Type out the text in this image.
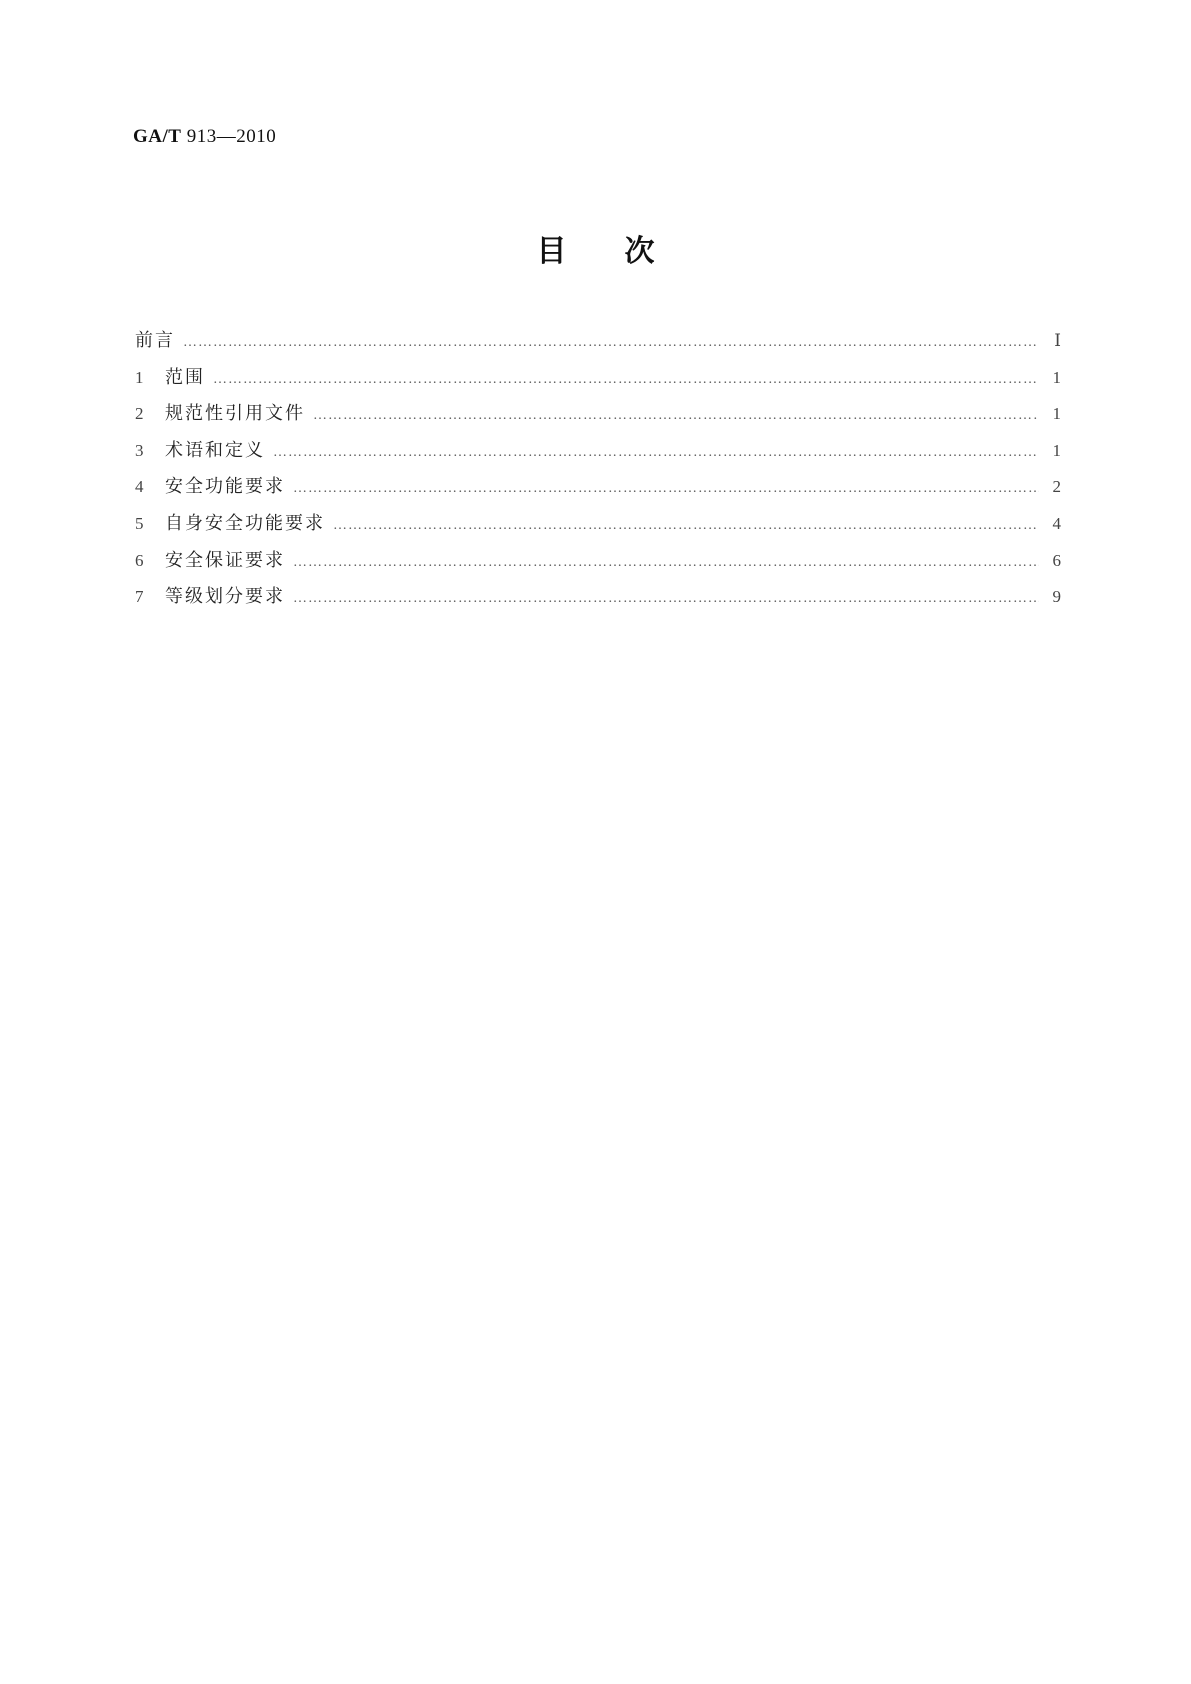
GA/T 913—2010
目次
前言 ………………………………………………………………………………………………………………………………………………………………………………………………………………………………………………………………………………………………	Ⅰ
1	范围 ………………………………………………………………………………………………………………………………………………………………………………………………………………………………………………………………………………………………	1
2	规范性引用文件 ………………………………………………………………………………………………………………………………………………………………………………………………………………………………………………………………………………………………	1
3	术语和定义 ………………………………………………………………………………………………………………………………………………………………………………………………………………………………………………………………………………………………	1
4	安全功能要求 ………………………………………………………………………………………………………………………………………………………………………………………………………………………………………………………………………………………………	2
5	自身安全功能要求 ………………………………………………………………………………………………………………………………………………………………………………………………………………………………………………………………………………………………	4
6	安全保证要求 ………………………………………………………………………………………………………………………………………………………………………………………………………………………………………………………………………………………………	6
7	等级划分要求 ………………………………………………………………………………………………………………………………………………………………………………………………………………………………………………………………………………………………	9
